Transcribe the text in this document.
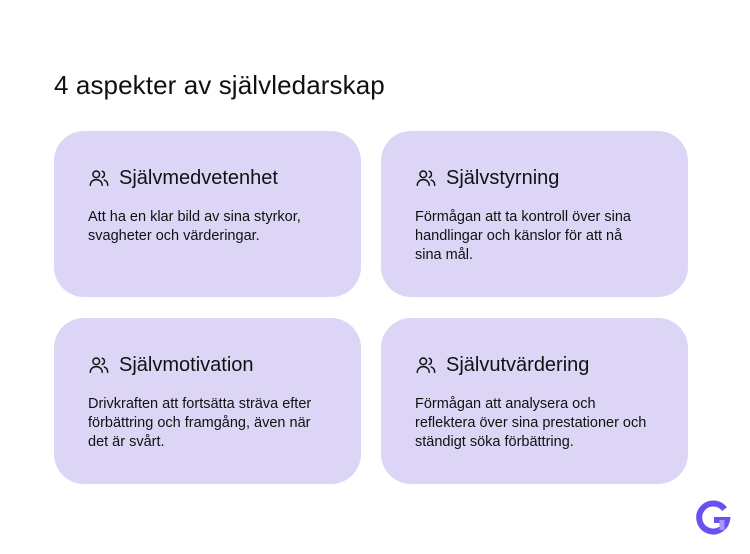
4 aspekter av självledarskap
Självmedvetenhet
Att ha en klar bild av sina styrkor, svagheter och värderingar.
Självstyrning
Förmågan att ta kontroll över sina handlingar och känslor för att nå sina mål.
Självmotivation
Drivkraften att fortsätta sträva efter förbättring och framgång, även när det är svårt.
Självutvärdering
Förmågan att analysera och reflektera över sina prestationer och ständigt söka förbättring.
